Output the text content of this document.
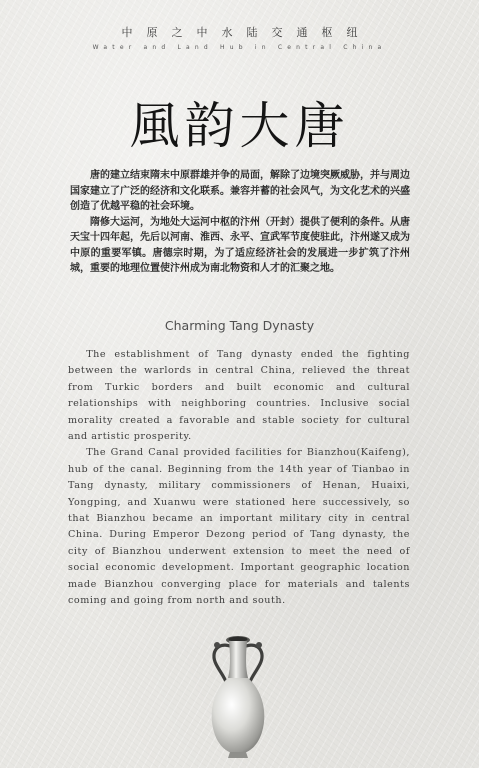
中原之中水陆交通枢纽
Water and Land Hub in Central China
風韵大唐

唐的建立结束隋末中原群雄并争的局面，解除了边境突厥威胁，并与周边国家建立了广泛的经济和文化联系。兼容并蓄的社会风气，为文化艺术的兴盛创造了优越平稳的社会环境。

隋修大运河，为地处大运河中枢的汴州（开封）提供了便利的条件。从唐天宝十四年起，先后以河南、淮西、永平、宣武军节度使驻此，汴州遂又成为中原的重要军镇。唐德宗时期，为了适应经济社会的发展进一步扩筑了汴州城，重要的地理位置使汴州成为南北物资和人才的汇聚之地。

Charming Tang Dynasty

The establishment of Tang dynasty ended the fighting between the warlords in central China, relieved the threat from Turkic borders and built economic and cultural relationships with neighboring countries. Inclusive social morality created a favorable and stable society for cultural and artistic prosperity.

The Grand Canal provided facilities for Bianzhou(Kaifeng), hub of the canal. Beginning from the 14th year of Tianbao in Tang dynasty, military commissioners of Henan, Huaixi, Yongping, and Xuanwu were stationed here successively, so that Bianzhou became an important military city in central China. During Emperor Dezong period of Tang dynasty, the city of Bianzhou underwent extension to meet the need of social economic development. Important geographic location made Bianzhou converging place for materials and talents coming and going from north and south.
